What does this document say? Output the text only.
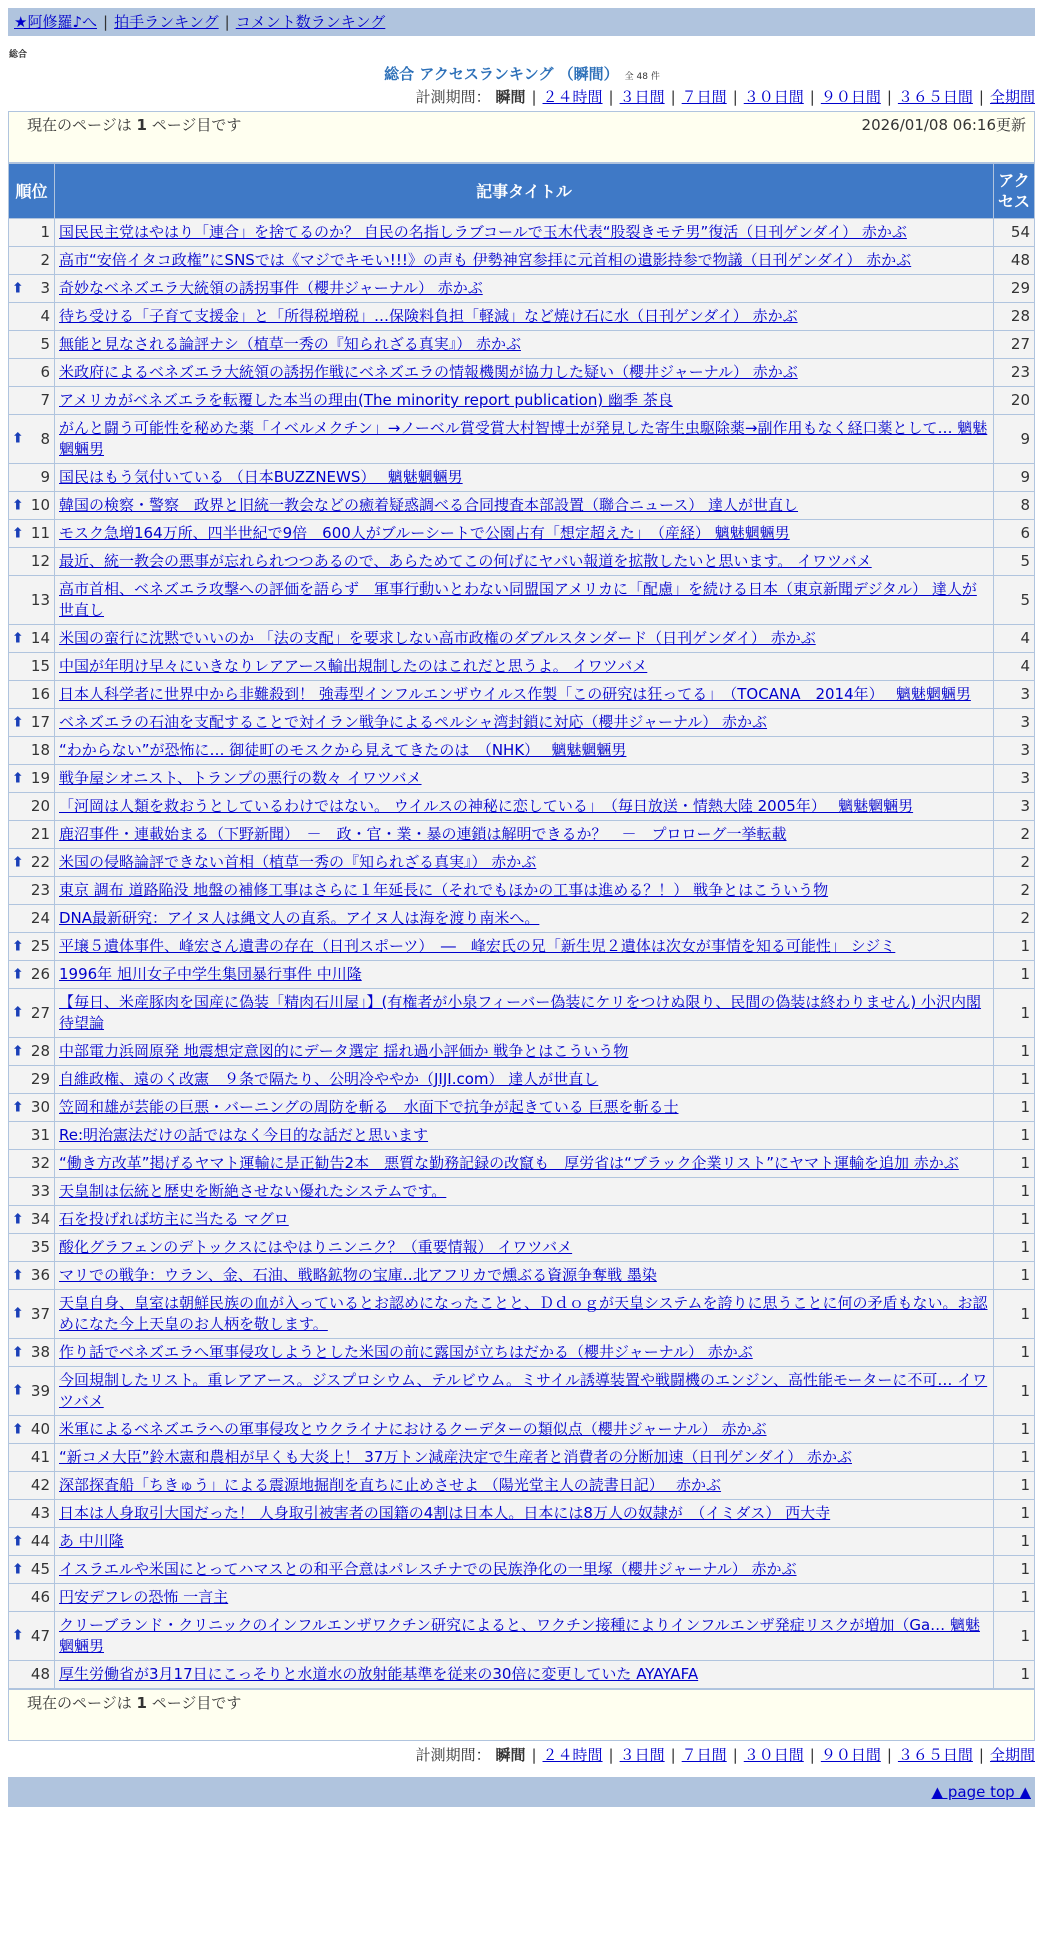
★阿修羅♪へ | 拍手ランキング | コメント数ランキング
総合
総合 アクセスランキング （瞬間） 全 48 件
計測期間： 瞬間 | ２４時間 | ３日間 | ７日間 | ３０日間 | ９０日間 | ３６５日間 | 全期間
現在のページは 1 ページ目です	2026/01/08 06:16更新
順位	記事タイトル	アクセス
1	国民民主党はやはり「連合」を捨てるのか？ 自民の名指しラブコールで玉木代表“股裂きモテ男”復活（日刊ゲンダイ） 赤かぶ	54
2	高市“安倍イタコ政権”にSNSでは《マジでキモい!!!》の声も 伊勢神宮参拝に元首相の遺影持参で物議（日刊ゲンダイ） 赤かぶ	48

⬆ 3	奇妙なベネズエラ大統領の誘拐事件（櫻井ジャーナル） 赤かぶ	29
4	待ち受ける「子育て支援金」と「所得税増税」…保険料負担「軽減」など焼け石に水（日刊ゲンダイ） 赤かぶ	28
5	無能と見なされる論評ナシ（植草一秀の『知られざる真実』） 赤かぶ	27
6	米政府によるベネズエラ大統領の誘拐作戦にベネズエラの情報機関が協力した疑い（櫻井ジャーナル） 赤かぶ	23
7	アメリカがベネズエラを転覆した本当の理由(The minority report publication) 幽季 茶良	20

⬆ 8	がんと闘う可能性を秘めた薬「イベルメクチン」→ノーベル賞受賞大村智博士が発見した寄生虫駆除薬→副作用もなく経口薬として… 魑魅魍魎男	9
9	国民はもう気付いている （日本BUZZNEWS）　 魑魅魍魎男	9

⬆ 10	韓国の検察・警察　政界と旧統一教会などの癒着疑惑調べる合同捜査本部設置（聯合ニュース） 達人が世直し	8

⬆ 11	モスク急増164万所、四半世紀で9倍　600人がブルーシートで公園占有「想定超えた」　（産経） 魑魅魍魎男	6
12	最近、統一教会の悪事が忘れられつつあるので、あらためてこの何げにヤバい報道を拡散したいと思います。 イワツバメ	5
13	高市首相、ベネズエラ攻撃への評価を語らず　軍事行動いとわない同盟国アメリカに「配慮」を続ける日本（東京新聞デジタル） 達人が世直し	5

⬆ 14	米国の蛮行に沈黙でいいのか 「法の支配」を要求しない高市政権のダブルスタンダード（日刊ゲンダイ） 赤かぶ	4
15	中国が年明け早々にいきなりレアアース輸出規制したのはこれだと思うよ。 イワツバメ	4
16	日本人科学者に世界中から非難殺到！ 強毒型インフルエンザウイルス作製「この研究は狂ってる」　（TOCANA　2014年）　 魑魅魍魎男	3

⬆ 17	ベネズエラの石油を支配することで対イラン戦争によるペルシャ湾封鎖に対応（櫻井ジャーナル） 赤かぶ	3
18	“わからない”が恐怖に… 御徒町のモスクから見えてきたのは　（NHK）　 魑魅魍魎男	3

⬆ 19	戦争屋シオニスト、トランプの悪行の数々 イワツバメ	3
20	「河岡は人類を救おうとしているわけではない。 ウイルスの神秘に恋している」　（毎日放送・情熱大陸 2005年）　 魑魅魍魎男	3
21	鹿沼事件・連載始まる（下野新聞）　－　政・官・業・暴の連鎖は解明できるか？　－　プロローグ一挙転載	2

⬆ 22	米国の侵略論評できない首相（植草一秀の『知られざる真実』） 赤かぶ	2
23	東京 調布 道路陥没 地盤の補修工事はさらに１年延長に（それでもほかの工事は進める？！） 戦争とはこういう物	2
24	DNA最新研究：アイヌ人は縄文人の直系。アイヌ人は海を渡り南米へ。	2

⬆ 25	平壌５遺体事件、峰宏さん遺書の存在（日刊スポーツ）　―　峰宏氏の兄「新生児２遺体は次女が事情を知る可能性」 シジミ	1

⬆ 26	1996年 旭川女子中学生集団暴行事件 中川隆	1

⬆ 27	【毎日、米産豚肉を国産に偽装「精肉石川屋」】(有権者が小泉フィーバー偽装にケリをつけぬ限り、民間の偽装は終わりません) 小沢内閣待望論	1

⬆ 28	中部電力浜岡原発 地震想定意図的にデータ選定 揺れ過小評価か 戦争とはこういう物	1
29	自維政権、遠のく改憲　９条で隔たり、公明冷ややか（JIJI.com） 達人が世直し	1

⬆ 30	笠岡和雄が芸能の巨悪・バーニングの周防を斬る　水面下で抗争が起きている 巨悪を斬る士	1
31	Re:明治憲法だけの話ではなく今日的な話だと思います	1
32	“働き方改革”掲げるヤマト運輸に是正勧告2本　悪質な勤務記録の改竄も　厚労省は“ブラック企業リスト”にヤマト運輸を追加 赤かぶ	1
33	天皇制は伝統と歴史を断絶させない優れたシステムです。	1

⬆ 34	石を投げれば坊主に当たる マグロ	1
35	酸化グラフェンのデトックスにはやはりニンニク？（重要情報） イワツバメ	1

⬆ 36	マリでの戦争：ウラン、金、石油、戦略鉱物の宝庫‥北アフリカで燻ぶる資源争奪戦 墨染	1

⬆ 37	天皇自身、皇室は朝鮮民族の血が入っているとお認めになったことと、Ｄｄｏｇが天皇システムを誇りに思うことに何の矛盾もない。お認めになた今上天皇のお人柄を敬します。	1

⬆ 38	作り話でベネズエラへ軍事侵攻しようとした米国の前に露国が立ちはだかる（櫻井ジャーナル） 赤かぶ	1

⬆ 39	今回規制したリスト。重レアアース。ジスプロシウム、テルビウム。ミサイル誘導装置や戦闘機のエンジン、高性能モーターに不可… イワツバメ	1

⬆ 40	米軍によるベネズエラへの軍事侵攻とウクライナにおけるクーデターの類似点（櫻井ジャーナル） 赤かぶ	1
41	“新コメ大臣”鈴木憲和農相が早くも大炎上！ 37万トン減産決定で生産者と消費者の分断加速（日刊ゲンダイ） 赤かぶ	1
42	深部探査船「ちきゅう」による震源地掘削を直ちに止めさせよ （陽光堂主人の読書日記）　 赤かぶ	1
43	日本は人身取引大国だった！ 人身取引被害者の国籍の4割は日本人。日本には8万人の奴隷が　（イミダス） 西大寺	1

⬆ 44	あ 中川隆	1

⬆ 45	イスラエルや米国にとってハマスとの和平合意はパレスチナでの民族浄化の一里塚（櫻井ジャーナル） 赤かぶ	1
46	円安デフレの恐怖 一言主	1

⬆ 47	クリーブランド・クリニックのインフルエンザワクチン研究によると、ワクチン接種によりインフルエンザ発症リスクが増加（Ga… 魑魅魍魎男	1
48	厚生労働省が3月17日にこっそりと水道水の放射能基準を従来の30倍に変更していた AYAYAFA	1
現在のページは 1 ページ目です
計測期間： 瞬間 | ２４時間 | ３日間 | ７日間 | ３０日間 | ９０日間 | ３６５日間 | 全期間
▲ page top ▲
